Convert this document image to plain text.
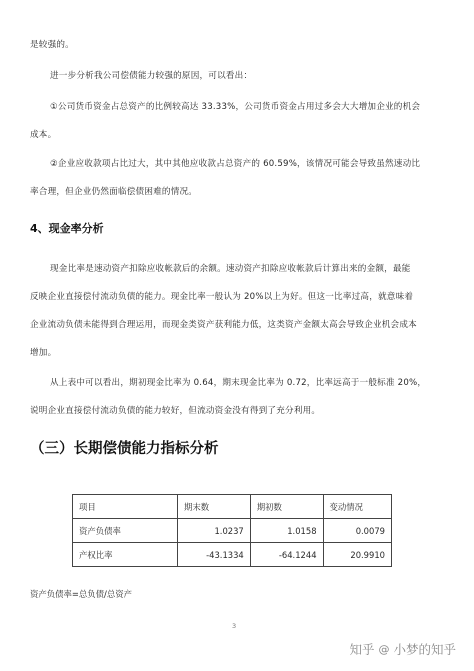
是较强的。
进一步分析我公司偿债能力较强的原因，可以看出：
①公司货币资金占总资产的比例较高达 33.33%，公司货币资金占用过多会大大增加企业的机会
成本。
②企业应收款项占比过大，其中其他应收款占总资产的 60.59%，该情况可能会导致虽然速动比
率合理，但企业仍然面临偿债困难的情况。
4、现金率分析
现金比率是速动资产扣除应收帐款后的余额。速动资产扣除应收帐款后计算出来的金额，最能
反映企业直接偿付流动负债的能力。现金比率一般认为 20%以上为好。但这一比率过高，就意味着
企业流动负债未能得到合理运用，而现金类资产获利能力低，这类资产金额太高会导致企业机会成本
增加。
从上表中可以看出，期初现金比率为 0.64，期末现金比率为 0.72，比率远高于一般标准 20%，
说明企业直接偿付流动负债的能力较好，但流动资金没有得到了充分利用。
（三）长期偿债能力指标分析
项目	期末数	期初数	变动情况
资产负债率	1.0237	1.0158	0.0079
产权比率	-43.1334	-64.1244	20.9910
资产负债率=总负债/总资产
3
知乎 @ 小梦的知乎
